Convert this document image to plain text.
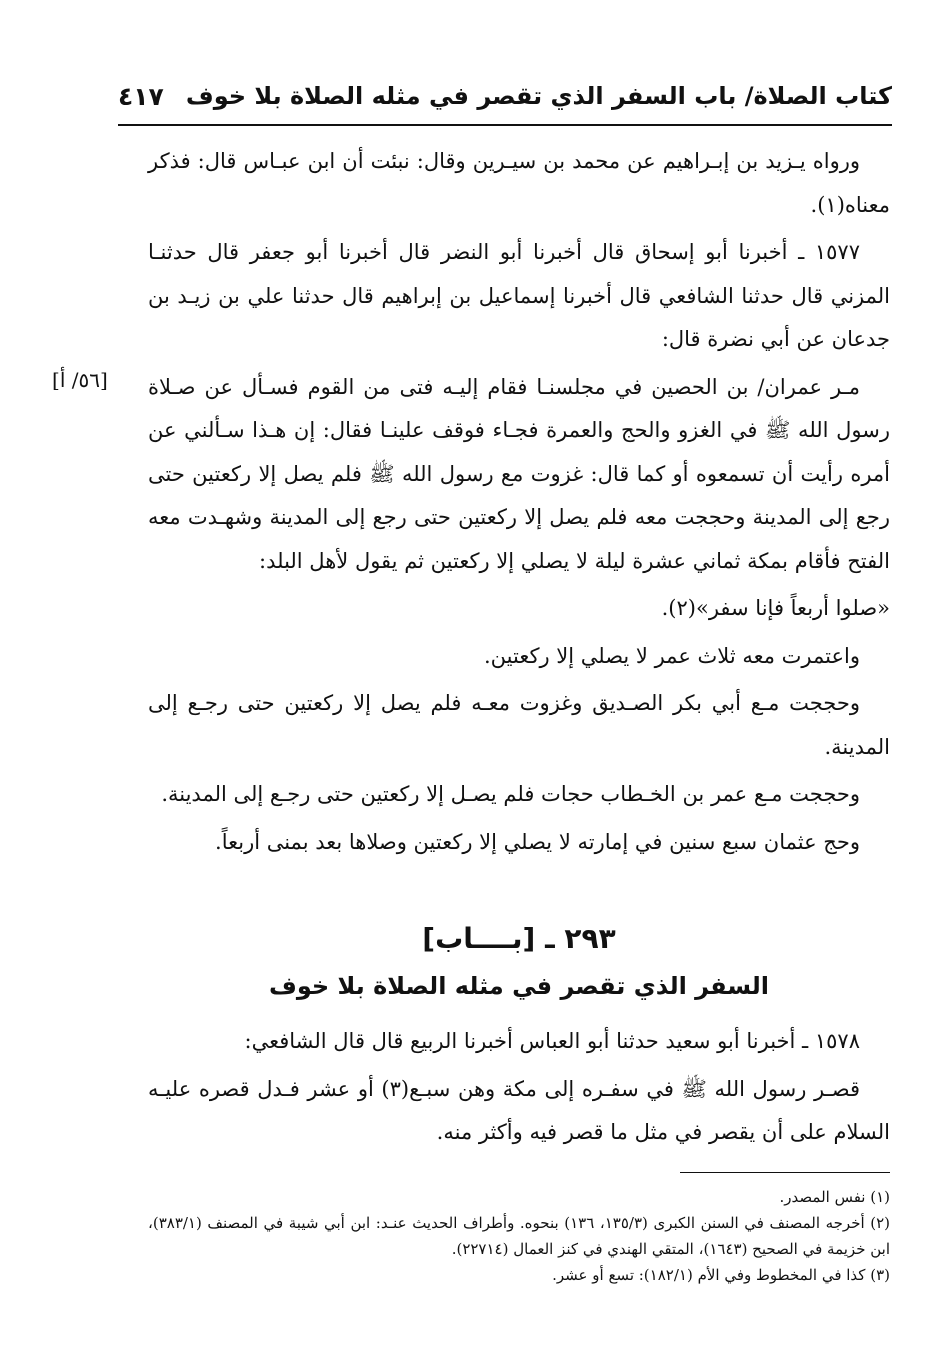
كتاب الصلاة/ باب السفر الذي تقصر في مثله الصلاة بلا خوف
٤١٧
[٥٦/ أ]

ورواه يـزيد بن إبـراهيم عن محمد بن سيـرين وقال: نبئت أن ابن عبـاس قال: فذكر معناه(١).

١٥٧٧ ـ أخبرنا أبو إسحاق قال أخبرنا أبو النضر قال أخبرنا أبو جعفر قال حدثنـا المزني قال حدثنا الشافعي قال أخبرنا إسماعيل بن إبراهيم قال حدثنا علي بن زيـد بن جدعان عن أبي نضرة قال:

مـر عمران/ بن الحصين في مجلسنـا فقام إليـه فتى من القوم فسـأل عن صـلاة رسول الله ﷺ في الغزو والحج والعمرة فجـاء فوقف علينـا فقال: إن هـذا سـألني عن أمره رأيت أن تسمعوه أو كما قال: غزوت مع رسول الله ﷺ فلم يصل إلا ركعتين حتى رجع إلى المدينة وحججت معه فلم يصل إلا ركعتين حتى رجع إلى المدينة وشهـدت معه الفتح فأقام بمكة ثماني عشرة ليلة لا يصلي إلا ركعتين ثم يقول لأهل البلد:

«صلوا أربعاً فإنا سفر»(٢).

واعتمرت معه ثلاث عمر لا يصلي إلا ركعتين.

وحججت مـع أبي بكر الصـديق وغزوت معـه فلم يصل إلا ركعتين حتى رجـع إلى المدينة.

وحججت مـع عمر بن الخـطاب حجات فلم يصـل إلا ركعتين حتى رجـع إلى المدينة.

وحج عثمان سبع سنين في إمارته لا يصلي إلا ركعتين وصلاها بعد بمنى أربعاً.

٢٩٣ ـ [بــــاب]
السفر الذي تقصر في مثله الصلاة بلا خوف

١٥٧٨ ـ أخبرنا أبو سعيد حدثنا أبو العباس أخبرنا الربيع قال قال الشافعي:

قصـر رسول الله ﷺ في سفـره إلى مكة وهن سبـع(٣) أو عشر فـدل قصره عليـه السلام على أن يقصر في مثل ما قصر فيه وأكثر منه.

(١) نفس المصدر.

(٢) أخرجه المصنف في السنن الكبرى (١٣٥/٣، ١٣٦) بنحوه. وأطراف الحديث عنـد: ابن أبي شيبة في المصنف (٣٨٣/١)، ابن خزيمة في الصحيح (١٦٤٣)، المتقي الهندي في كنز العمال (٢٢٧١٤).

(٣) كذا في المخطوط وفي الأم (١٨٢/١): تسع أو عشر.
